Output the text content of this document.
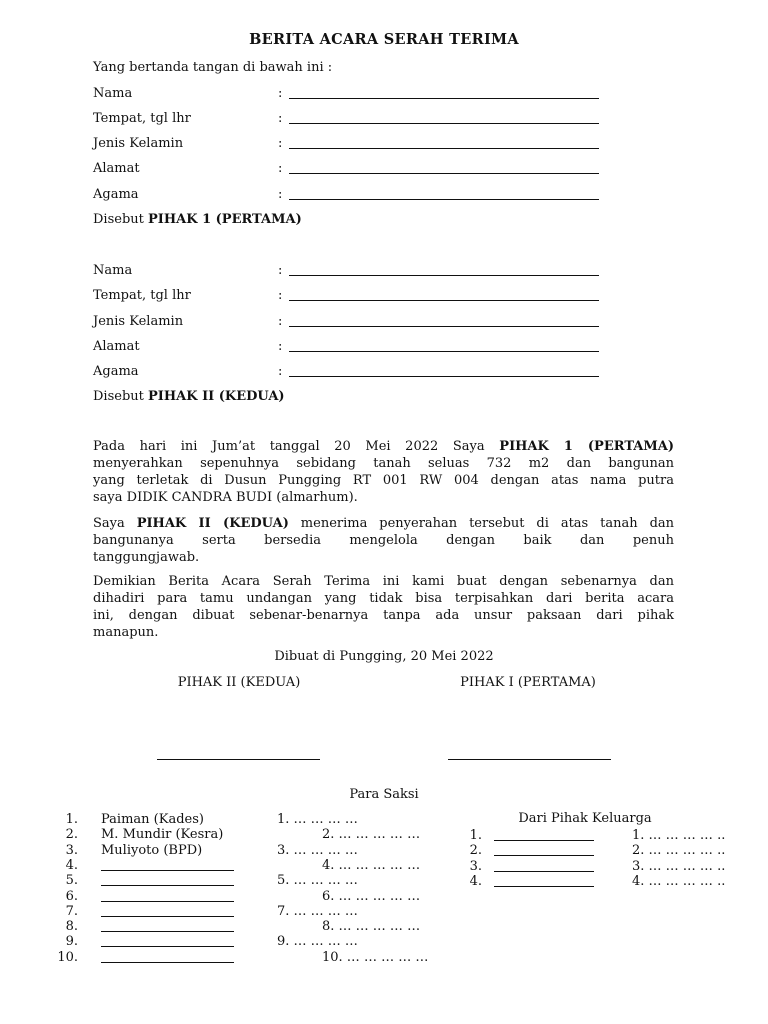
BERITA ACARA SERAH TERIMA
Yang bertanda tangan di bawah ini :
Nama	:
Tempat, tgl lhr	:
Jenis Kelamin	:
Alamat	:
Agama	:
Disebut PIHAK 1 (PERTAMA)
Nama	:
Tempat, tgl lhr	:
Jenis Kelamin	:
Alamat	:
Agama	:
Disebut PIHAK II (KEDUA)
Pada hari ini Jum’at tanggal 20 Mei 2022 Saya PIHAK 1 (PERTAMA)
menyerahkan sepenuhnya sebidang tanah seluas 732 m2 dan bangunan
yang terletak di Dusun Pungging RT 001 RW 004 dengan atas nama putra
saya DIDIK CANDRA BUDI (almarhum).
Saya PIHAK II (KEDUA) menerima penyerahan tersebut di atas tanah dan
bangunanya serta bersedia mengelola dengan baik dan penuh
tanggungjawab.
Demikian Berita Acara Serah Terima ini kami buat dengan sebenarnya dan
dihadiri para tamu undangan yang tidak bisa terpisahkan dari berita acara
ini, dengan dibuat sebenar-benarnya tanpa ada unsur paksaan dari pihak
manapun.
Dibuat di Pungging, 20 Mei 2022
PIHAK II (KEDUA)	PIHAK I (PERTAMA)
Para Saksi
Dari Pihak Keluarga
1. Paiman (Kades)	1. … … … …
2. M. Mundir (Kesra)	2. … … … … …
3. Muliyoto (BPD)	3. … … … …
4.	4. … … … … …
5.	5. … … … …
6.	6. … … … … …
7.	7. … … … …
8.	8. … … … … …
9.	9. … … … …
10.	10. … … … … …
1.	1. … … … … ..
2.	2. … … … … ..
3.	3. … … … … ..
4.	4. … … … … ..
